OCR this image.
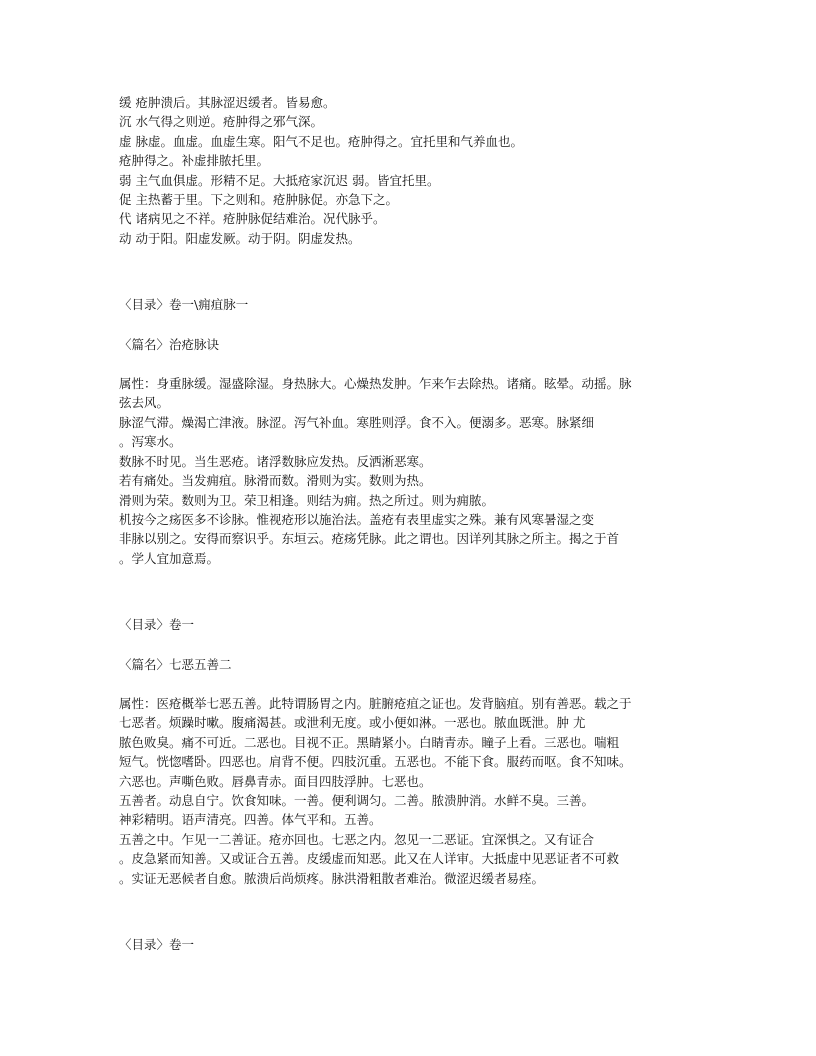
缓 疮肿溃后。其脉涩迟缓者。皆易愈。

沉 水气得之则逆。疮肿得之邪气深。

虚 脉虚。血虚。血虚生寒。阳气不足也。疮肿得之。宜托里和气养血也。

疮肿得之。补虚排脓托里。

弱 主气血俱虚。形精不足。大抵疮家沉迟 弱。皆宜托里。

促 主热蓄于里。下之则和。疮肿脉促。亦急下之。

代 诸病见之不祥。疮肿脉促结难治。况代脉乎。

动 动于阳。阳虚发厥。动于阴。阴虚发热。

〈目录〉卷一\痈疽脉一

〈篇名〉治疮脉诀

属性：身重脉缓。湿盛除湿。身热脉大。心燥热发肿。乍来乍去除热。诸痛。眩晕。动摇。脉

弦去风。

脉涩气滞。燥渴亡津液。脉涩。泻气补血。寒胜则浮。食不入。便溺多。恶寒。脉紧细

。泻寒水。

数脉不时见。当生恶疮。诸浮数脉应发热。反洒淅恶寒。

若有痛处。当发痈疽。脉滑而数。滑则为实。数则为热。

滑则为荣。数则为卫。荣卫相逢。则结为痈。热之所过。则为痈脓。

机按今之疡医多不诊脉。惟视疮形以施治法。盖疮有表里虚实之殊。兼有风寒暑湿之变

非脉以别之。安得而察识乎。东垣云。疮疡凭脉。此之谓也。因详列其脉之所主。揭之于首

。学人宜加意焉。

〈目录〉卷一

〈篇名〉七恶五善二

属性：医疮概举七恶五善。此特谓肠胃之内。脏腑疮疽之证也。发背脑疽。别有善恶。载之于

七恶者。烦躁时嗽。腹痛渴甚。或泄利无度。或小便如淋。一恶也。脓血既泄。肿 尤

脓色败臭。痛不可近。二恶也。目视不正。黑睛紧小。白睛青赤。瞳子上看。三恶也。喘粗

短气。恍惚嗜卧。四恶也。肩背不便。四肢沉重。五恶也。不能下食。服药而呕。食不知味。

六恶也。声嘶色败。唇鼻青赤。面目四肢浮肿。七恶也。

五善者。动息自宁。饮食知味。一善。便利调匀。二善。脓溃肿消。水鲜不臭。三善。

神彩精明。语声清亮。四善。体气平和。五善。

五善之中。乍见一二善证。疮亦回也。七恶之内。忽见一二恶证。宜深惧之。又有证合

。皮急紧而知善。又或证合五善。皮缓虚而知恶。此又在人详审。大抵虚中见恶证者不可救

。实证无恶候者自愈。脓溃后尚烦疼。脉洪滑粗散者难治。微涩迟缓者易痊。

〈目录〉卷一
